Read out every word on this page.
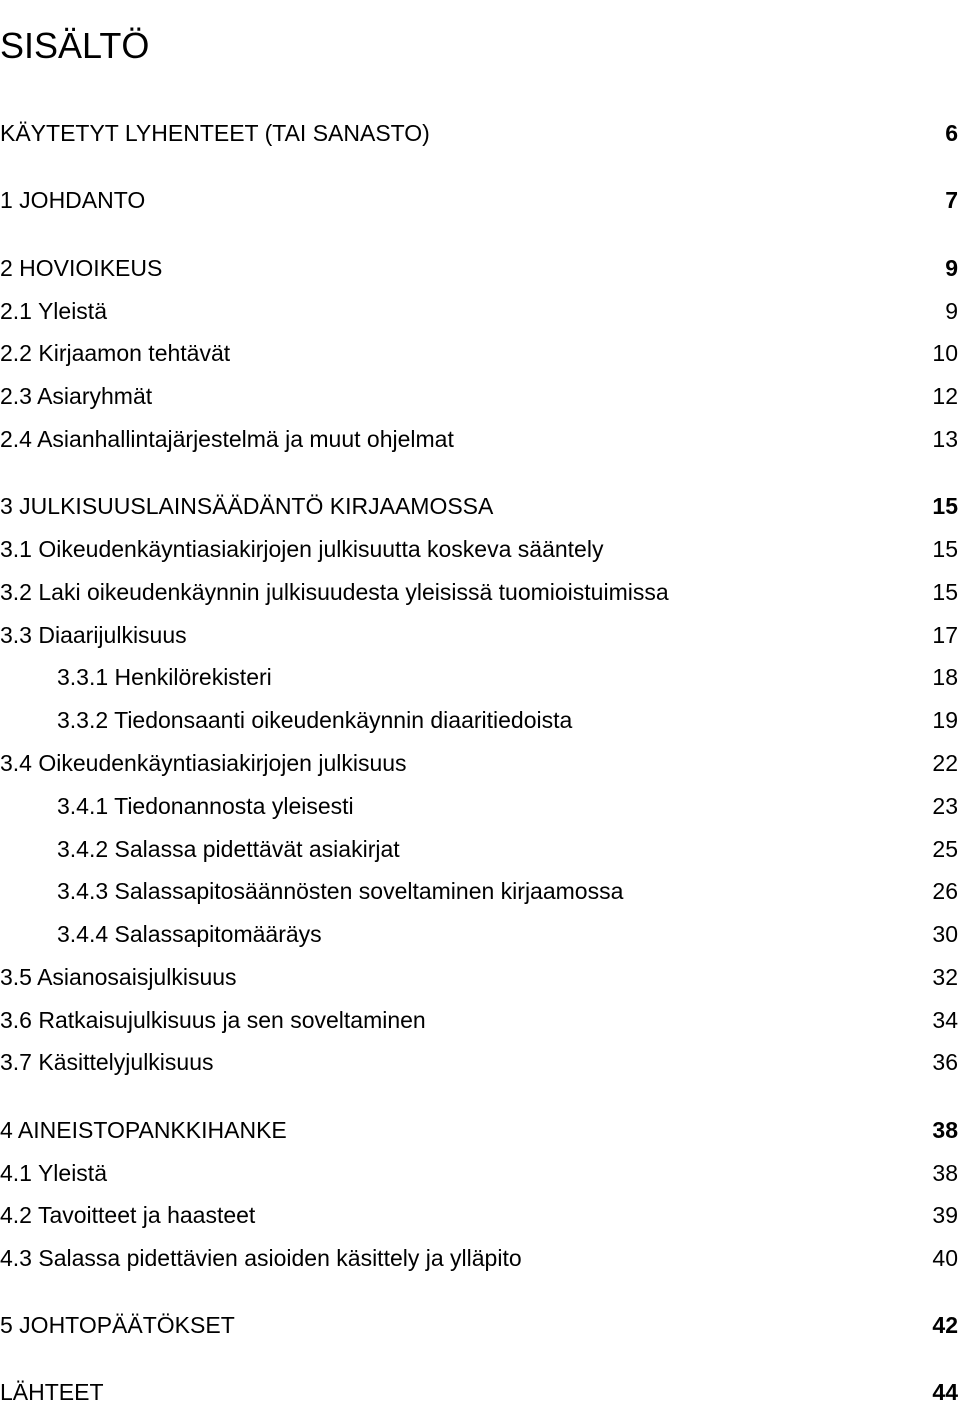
SISÄLTÖ
KÄYTETYT LYHENTEET (TAI SANASTO)	6
1 JOHDANTO	7
2 HOVIOIKEUS	9
2.1 Yleistä	9
2.2 Kirjaamon tehtävät	10
2.3 Asiaryhmät	12
2.4 Asianhallintajärjestelmä ja muut ohjelmat	13
3 JULKISUUSLAINSÄÄDÄNTÖ KIRJAAMOSSA	15
3.1 Oikeudenkäyntiasiakirjojen julkisuutta koskeva sääntely	15
3.2 Laki oikeudenkäynnin julkisuudesta yleisissä tuomioistuimissa	15
3.3 Diaarijulkisuus	17
3.3.1 Henkilörekisteri	18
3.3.2 Tiedonsaanti oikeudenkäynnin diaaritiedoista	19
3.4 Oikeudenkäyntiasiakirjojen julkisuus	22
3.4.1 Tiedonannosta yleisesti	23
3.4.2 Salassa pidettävät asiakirjat	25
3.4.3 Salassapitosäännösten soveltaminen kirjaamossa	26
3.4.4 Salassapitomääräys	30
3.5 Asianosaisjulkisuus	32
3.6 Ratkaisujulkisuus ja sen soveltaminen	34
3.7 Käsittelyjulkisuus	36
4 AINEISTOPANKKIHANKE	38
4.1 Yleistä	38
4.2 Tavoitteet ja haasteet	39
4.3 Salassa pidettävien asioiden käsittely ja ylläpito	40
5 JOHTOPÄÄTÖKSET	42
LÄHTEET	44
